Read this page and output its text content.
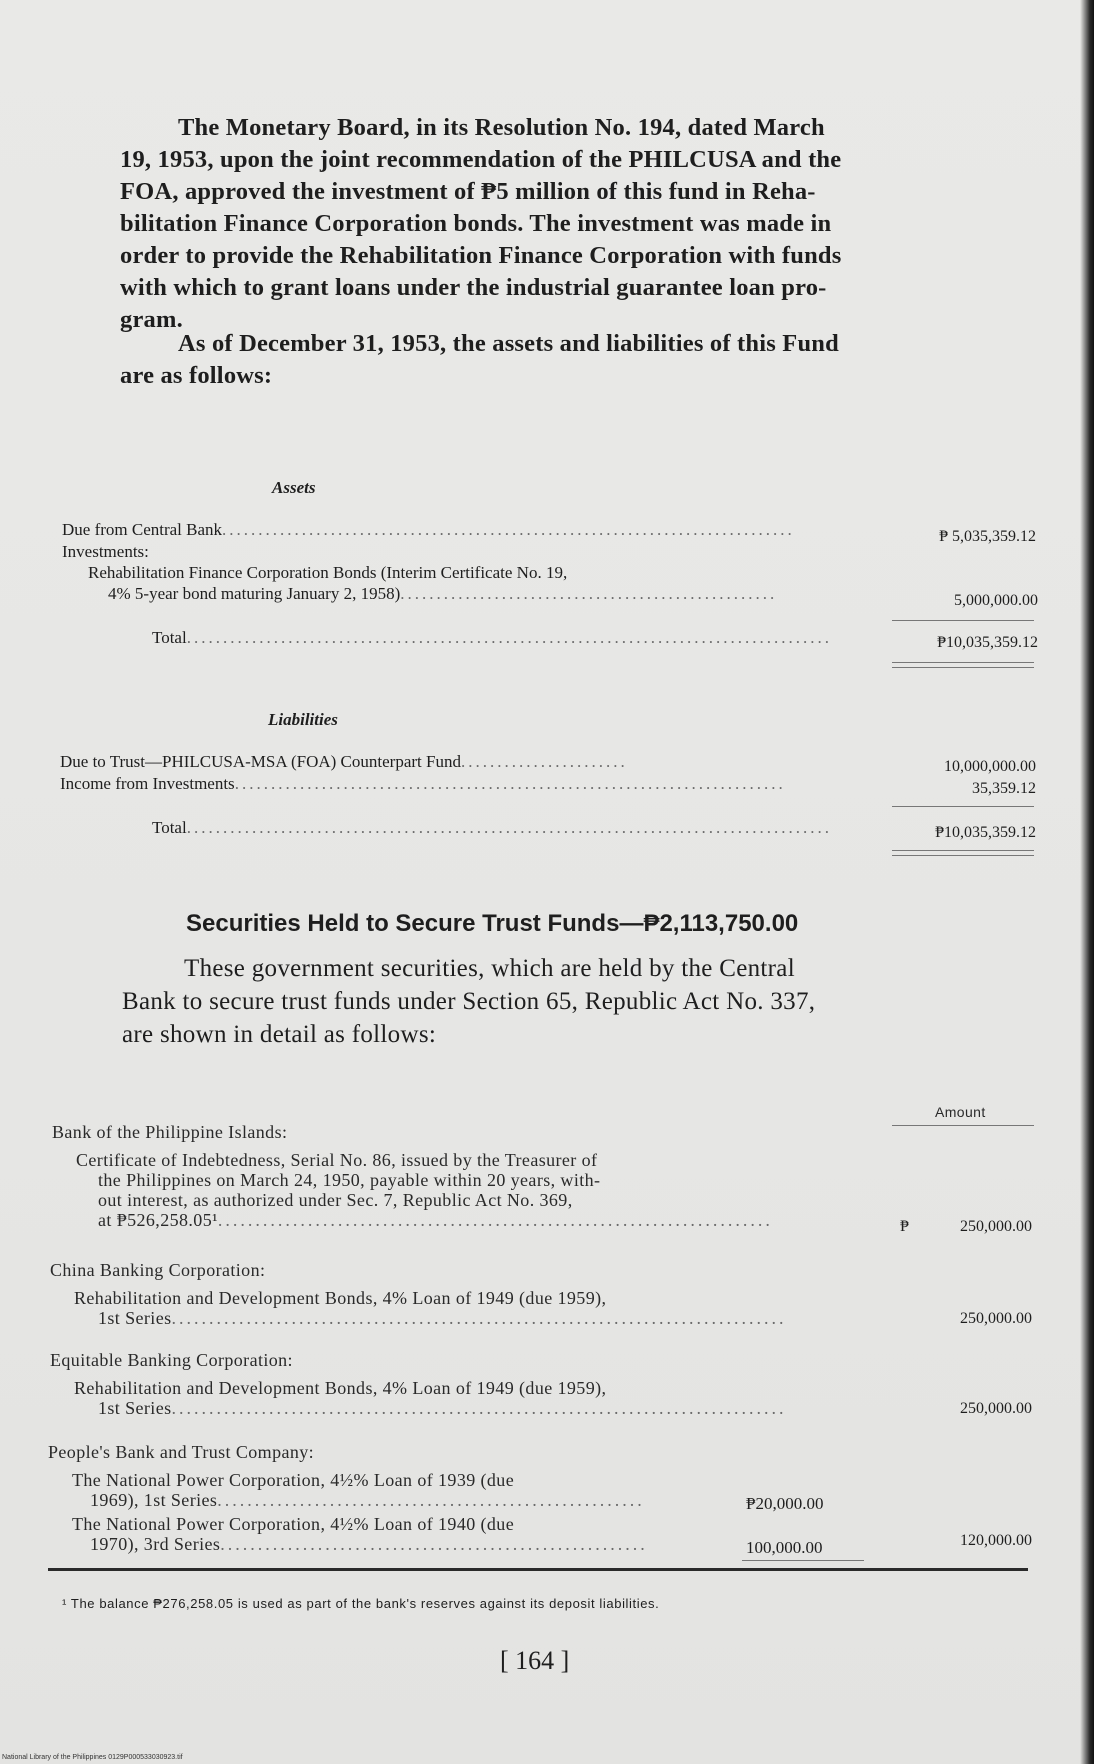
The Monetary Board, in its Resolution No. 194, dated March
19, 1953, upon the joint recommendation of the PHILCUSA and the
FOA, approved the investment of ₱5 million of this fund in Reha-
bilitation Finance Corporation bonds. The investment was made in
order to provide the Rehabilitation Finance Corporation with funds
with which to grant loans under the industrial guarantee loan pro-
gram.
As of December 31, 1953, the assets and liabilities of this Fund
are as follows:
Assets
Due from Central Bank...............................................................................	₱ 5,035,359.12
Investments:
Rehabilitation Finance Corporation Bonds (Interim Certificate No. 19,
4% 5-year bond maturing January 2, 1958)....................................................	5,000,000.00
Total.........................................................................................	₱10,035,359.12
Liabilities
Due to Trust—PHILCUSA-MSA (FOA) Counterpart Fund.......................	10,000,000.00
Income from Investments............................................................................	35,359.12
Total.........................................................................................	₱10,035,359.12
Securities Held to Secure Trust Funds—₱2,113,750.00
These government securities, which are held by the Central
Bank to secure trust funds under Section 65, Republic Act No. 337,
are shown in detail as follows:
Amount
Bank of the Philippine Islands:
Certificate of Indebtedness, Serial No. 86, issued by the Treasurer of
the Philippines on March 24, 1950, payable within 20 years, with-
out interest, as authorized under Sec. 7, Republic Act No. 369,
at ₱526,258.05¹..........................................................................	₱	250,000.00
China Banking Corporation:
Rehabilitation and Development Bonds, 4% Loan of 1949 (due 1959),
1st Series..................................................................................	250,000.00
Equitable Banking Corporation:
Rehabilitation and Development Bonds, 4% Loan of 1949 (due 1959),
1st Series..................................................................................	250,000.00
People's Bank and Trust Company:
The National Power Corporation, 4½% Loan of 1939 (due
1969), 1st Series.........................................................	₱20,000.00
The National Power Corporation, 4½% Loan of 1940 (due
1970), 3rd Series.........................................................	100,000.00	120,000.00
¹ The balance ₱276,258.05 is used as part of the bank's reserves against its deposit liabilities.
[ 164 ]
National Library of the Philippines 0129P000533030923.tif
